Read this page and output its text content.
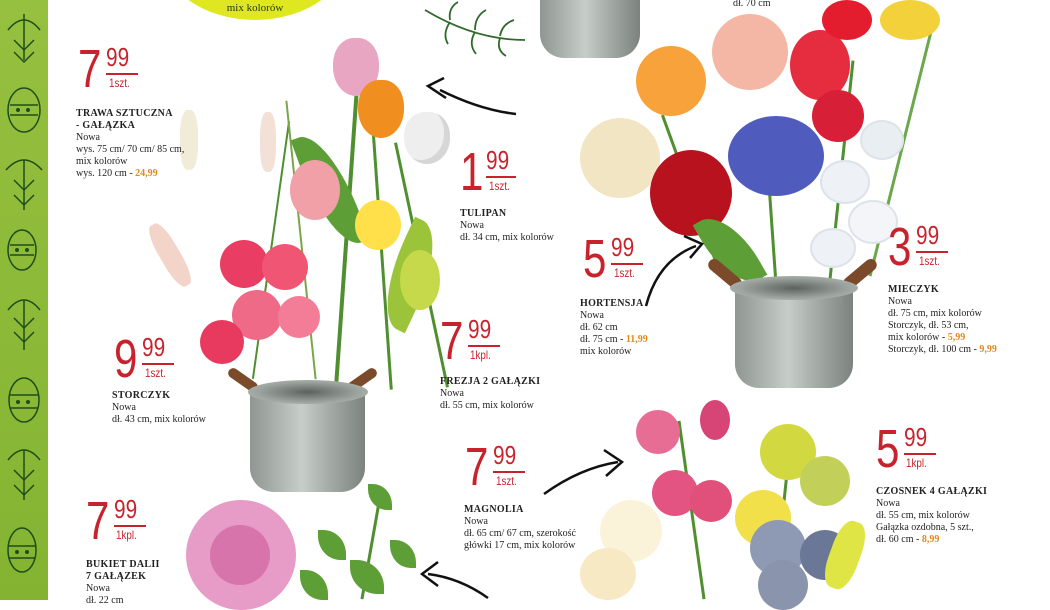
mix kolorów	dł. 70 cm
7 99
1szt.
TRAWA SZTUCZNA
- GAŁĄZKA
Nowa
wys. 75 cm/ 70 cm/ 85 cm,
mix kolorów
wys. 120 cm - 24,99	1 99
1szt.
TULIPAN
Nowa
dł. 34 cm, mix kolorów
9 99
1szt.
STORCZYK
Nowa
dł. 43 cm, mix kolorów
7 99
1kpl.
FREZJA 2 GAŁĄZKI
Nowa
dł. 55 cm, mix kolorów
5 99
1szt.
HORTENSJA
Nowa
dł. 62 cm
dł. 75 cm - 11,99
mix kolorów
3 99
1szt.
MIECZYK
Nowa
dł. 75 cm, mix kolorów
Storczyk, dł. 53 cm,
mix kolorów - 5,99
Storczyk, dł. 100 cm - 9,99
7 99
1szt.
MAGNOLIA
Nowa
dł. 65 cm/ 67 cm, szerokość
główki 17 cm, mix kolorów
5 99
1kpl.
CZOSNEK 4 GAŁĄZKI
Nowa
dł. 55 cm, mix kolorów
Gałązka ozdobna, 5 szt.,
dł. 60 cm - 8,99
7 99
1kpl.
BUKIET DALII
7 GAŁĄZEK
Nowa
dł. 22 cm
